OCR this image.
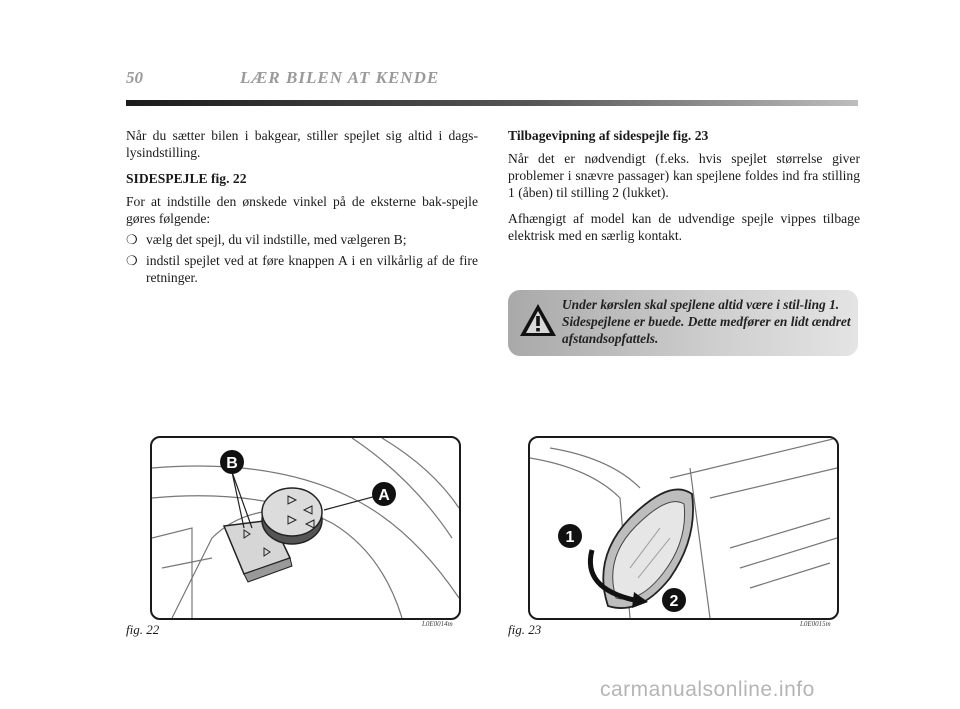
50	LÆR BILEN AT KENDE

Når du sætter bilen i bakgear, stiller spejlet sig altid i dags-lysindstilling.

SIDESPEJLE fig. 22

For at indstille den ønskede vinkel på de eksterne bak-spejle gøres følgende:

❍ vælg det spejl, du vil indstille, med vælgeren B;
❍ indstil spejlet ved at føre knappen A i en vilkårlig af de fire retninger.
Tilbagevipning af sidespejle fig. 23

Når det er nødvendigt (f.eks. hvis spejlet størrelse giver problemer i snævre passager) kan spejlene foldes ind fra stilling 1 (åben) til stilling 2 (lukket).

Afhængigt af model kan de udvendige spejle vippes tilbage elektrisk med en særlig kontakt.

Under kørslen skal spejlene altid være i stil-ling 1. Sidespejlene er buede. Dette medfører en lidt ændret afstandsopfattels.
B
A
1
2
fig. 22	L0E0014m	fig. 23	L0E0015m
carmanualsonline.info
